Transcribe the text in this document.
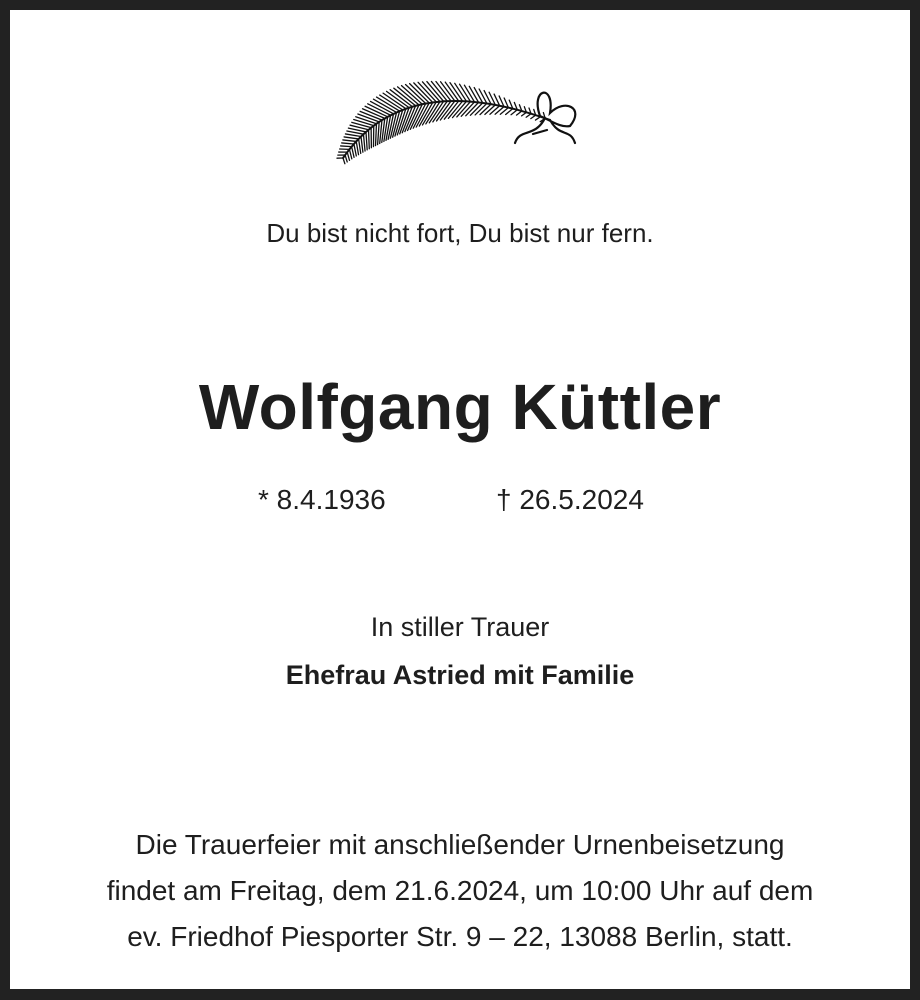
Du bist nicht fort, Du bist nur fern.
Wolfgang Küttler
* 8.4.1936	† 26.5.2024
In stiller Trauer
Ehefrau Astried mit Familie
Die Trauerfeier mit anschließender Urnenbeisetzung
findet am Freitag, dem 21.6.2024, um 10:00 Uhr auf dem
ev. Friedhof Piesporter Str. 9 – 22, 13088 Berlin, statt.
